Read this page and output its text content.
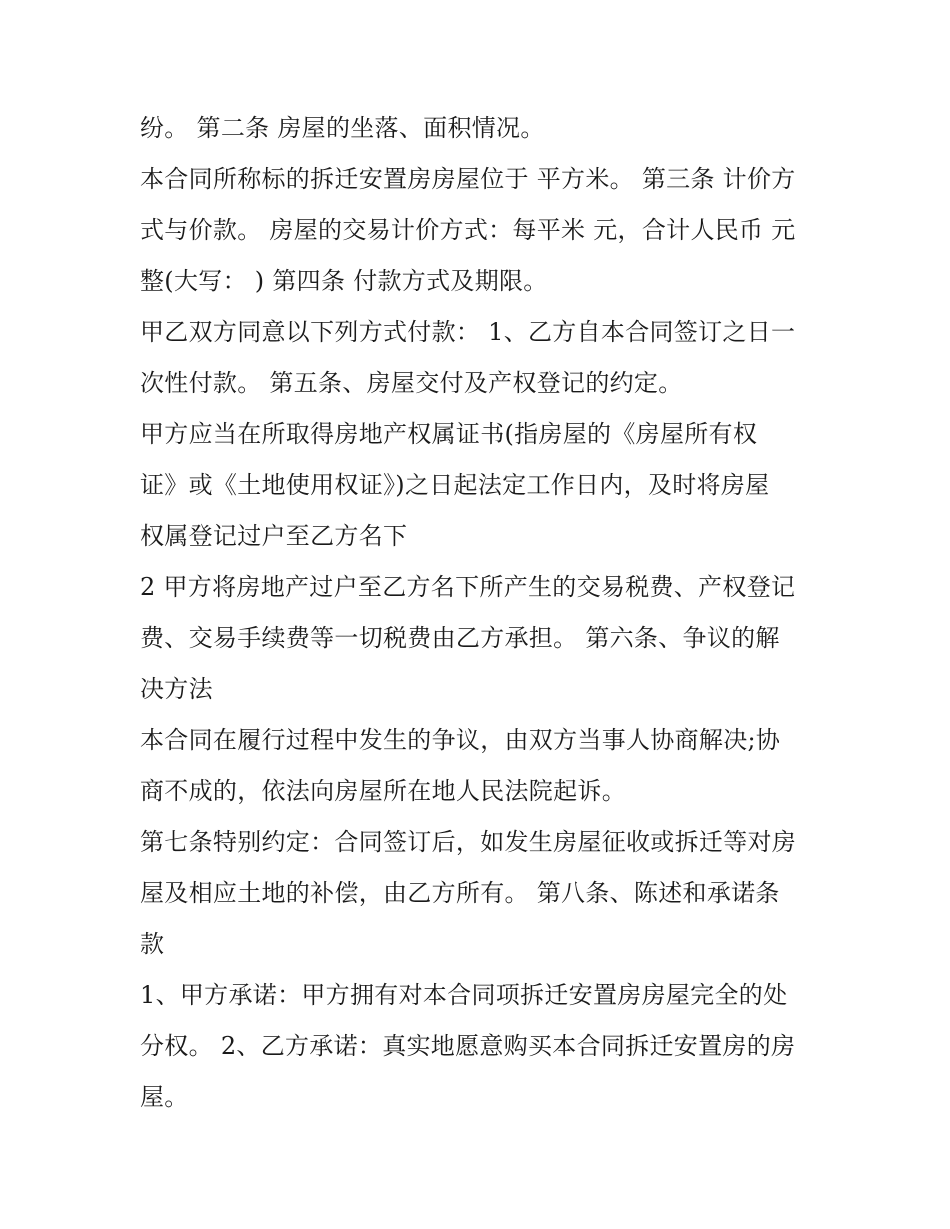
纷。 第二条 房屋的坐落、面积情况。
本合同所称标的拆迁安置房房屋位于 平方米。 第三条 计价方
式与价款。 房屋的交易计价方式：每平米 元，合计人民币 元
整(大写： ) 第四条 付款方式及期限。
甲乙双方同意以下列方式付款： 1、乙方自本合同签订之日一
次性付款。 第五条、房屋交付及产权登记的约定。
甲方应当在所取得房地产权属证书(指房屋的《房屋所有权
证》或《土地使用权证》)之日起法定工作日内，及时将房屋
权属登记过户至乙方名下
2 甲方将房地产过户至乙方名下所产生的交易税费、产权登记
费、交易手续费等一切税费由乙方承担。 第六条、争议的解
决方法
本合同在履行过程中发生的争议，由双方当事人协商解决;协
商不成的，依法向房屋所在地人民法院起诉。
第七条特别约定：合同签订后，如发生房屋征收或拆迁等对房
屋及相应土地的补偿，由乙方所有。 第八条、陈述和承诺条
款
1、甲方承诺：甲方拥有对本合同项拆迁安置房房屋完全的处
分权。 2、乙方承诺：真实地愿意购买本合同拆迁安置房的房
屋。
